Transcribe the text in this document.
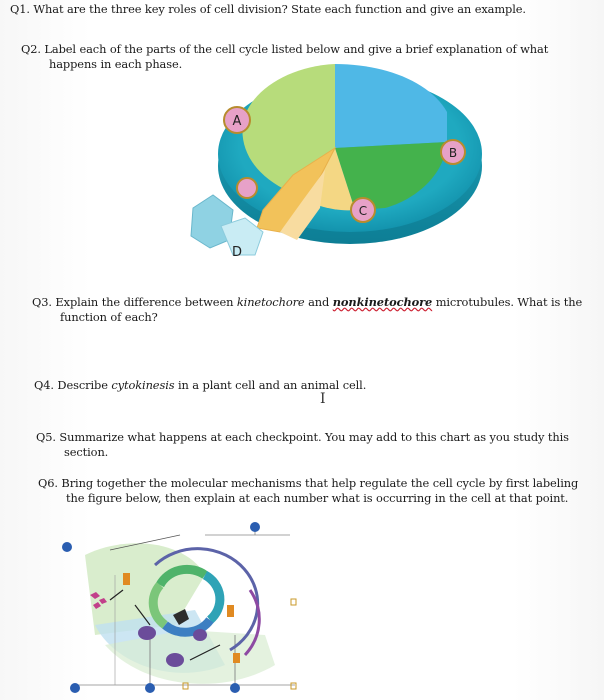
Q1. What are the three key roles of cell division? State each function and give an example.
Q2. Label each of the parts of the cell cycle listed below and give a brief explanation of what
happens in each phase.
A
B
C
D
Q3. Explain the difference between kinetochore and nonkinetochore microtubules. What is the
function of each?
Q4. Describe cytokinesis in a plant cell and an animal cell.
I
Q5. Summarize what happens at each checkpoint. You may add to this chart as you study this
section.
Q6. Bring together the molecular mechanisms that help regulate the cell cycle by first labeling
the figure below, then explain at each number what is occurring in the cell at that point.
